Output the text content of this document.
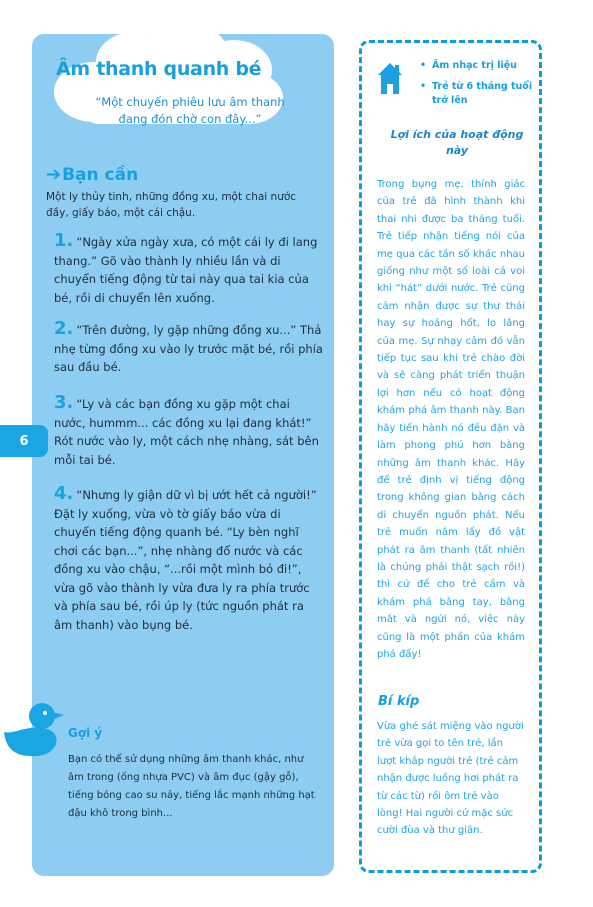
6
Âm thanh quanh bé

“Một chuyến phiêu lưu âm thanh đang đón chờ con đây...”

➔ Bạn cần

Một ly thủy tinh, những đồng xu, một chai nước đầy, giấy báo, một cái chậu.

1. “Ngày xửa ngày xưa, có một cái ly đi lang thang.” Gõ vào thành ly nhiều lần và di chuyển tiếng động từ tai này qua tai kia của bé, rồi di chuyển lên xuống.

2. “Trên đường, ly gặp những đồng xu...” Thả nhẹ từng đồng xu vào ly trước mặt bé, rồi phía sau đầu bé.

3. “Ly và các bạn đồng xu gặp một chai nước, hummm... các đồng xu lại đang khát!” Rót nước vào ly, một cách nhẹ nhàng, sát bên mỗi tai bé.

4. “Nhưng ly giận dữ vì bị ướt hết cả người!” Đặt ly xuống, vừa vò tờ giấy báo vừa di chuyển tiếng động quanh bé. “Ly bèn nghĩ chơi các bạn...”, nhẹ nhàng đổ nước và các đồng xu vào chậu, “...rồi một mình bỏ đi!”, vừa gõ vào thành ly vừa đưa ly ra phía trước và phía sau bé, rồi úp ly (tức nguồn phát ra âm thanh) vào bụng bé.

Gợi ý

Bạn có thể sử dụng những âm thanh khác, như âm trong (ống nhựa PVC) và âm đục (gậy gỗ), tiếng bóng cao su nảy, tiếng lắc mạnh những hạt đậu khô trong bình...

• Âm nhạc trị liệu
• Trẻ từ 6 tháng tuổi trở lên
Lợi ích của hoạt động này

Trong bụng mẹ, thính giác của trẻ đã hình thành khi thai nhi được ba tháng tuổi. Trẻ tiếp nhận tiếng nói của mẹ qua các tần số khác nhau giống như một số loài cá voi khi “hát” dưới nước. Trẻ cũng cảm nhận được sự thư thái hay sự hoảng hốt, lo lắng của mẹ. Sự nhạy cảm đó vẫn tiếp tục sau khi trẻ chào đời và sẽ càng phát triển thuận lợi hơn nếu có hoạt động khám phá âm thanh này. Bạn hãy tiến hành nó đều đặn và làm phong phú hơn bằng những âm thanh khác. Hãy để trẻ định vị tiếng động trong không gian bằng cách di chuyển nguồn phát. Nếu trẻ muốn nắm lấy đồ vật phát ra âm thanh (tất nhiên là chúng phải thật sạch rồi!) thì cứ để cho trẻ cầm và khám phá bằng tay, bằng mắt và ngửi nó, việc này cũng là một phần của khám phá đấy!

Bí kíp

Vừa ghé sát miệng vào người trẻ vừa gọi to tên trẻ, lần lượt khắp người trẻ (trẻ cảm nhận được luồng hơi phát ra từ các từ) rồi ôm trẻ vào lòng! Hai người cứ mặc sức cười đùa và thư giãn.
